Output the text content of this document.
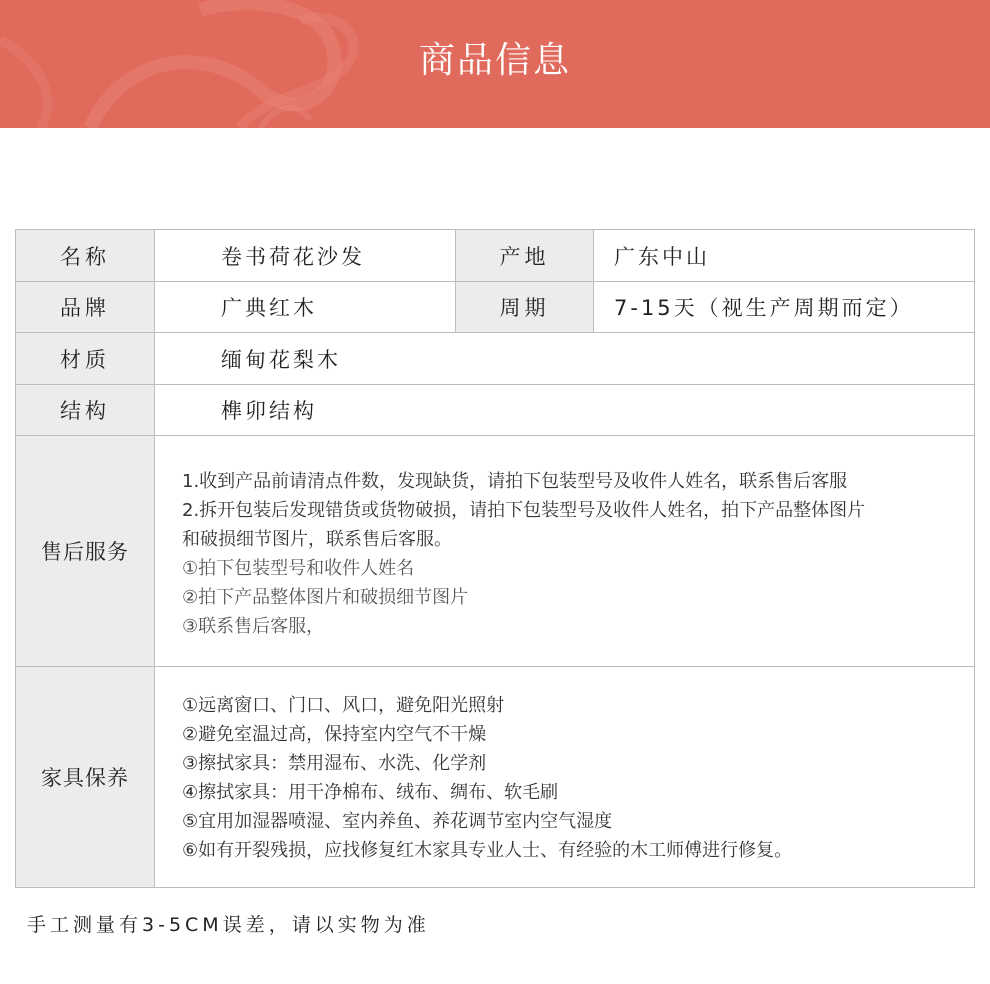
商品信息
名称	卷书荷花沙发	产地	广东中山
品牌	广典红木	周期	7-15天（视生产周期而定）
材质	缅甸花梨木
结构	榫卯结构
售后服务
1.收到产品前请清点件数，发现缺货，请拍下包装型号及收件人姓名，联系售后客服
2.拆开包装后发现错货或货物破损，请拍下包装型号及收件人姓名，拍下产品整体图片
和破损细节图片，联系售后客服。
①拍下包装型号和收件人姓名
②拍下产品整体图片和破损细节图片
③联系售后客服，
家具保养
①远离窗口、门口、风口，避免阳光照射
②避免室温过高，保持室内空气不干燥
③擦拭家具：禁用湿布、水洗、化学剂
④擦拭家具：用干净棉布、绒布、绸布、软毛刷
⑤宜用加湿器喷湿、室内养鱼、养花调节室内空气湿度
⑥如有开裂残损，应找修复红木家具专业人士、有经验的木工师傅进行修复。
手工测量有3-5CM误差，请以实物为准
